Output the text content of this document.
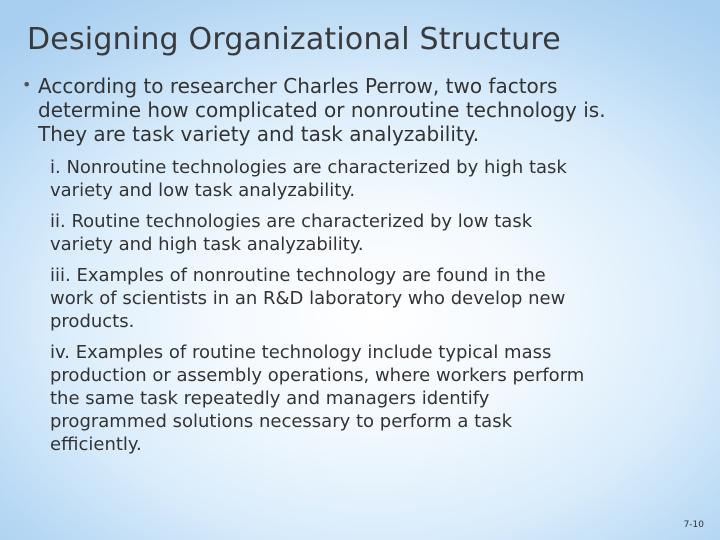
Designing Organizational Structure
• According to researcher Charles Perrow, two factors
determine how complicated or nonroutine technology is.
They are task variety and task analyzability.
i. Nonroutine technologies are characterized by high task
variety and low task analyzability.
ii. Routine technologies are characterized by low task
variety and high task analyzability.
iii. Examples of nonroutine technology are found in the
work of scientists in an R&D laboratory who develop new
products.
iv. Examples of routine technology include typical mass
production or assembly operations, where workers perform
the same task repeatedly and managers identify
programmed solutions necessary to perform a task
efficiently.
7-10
